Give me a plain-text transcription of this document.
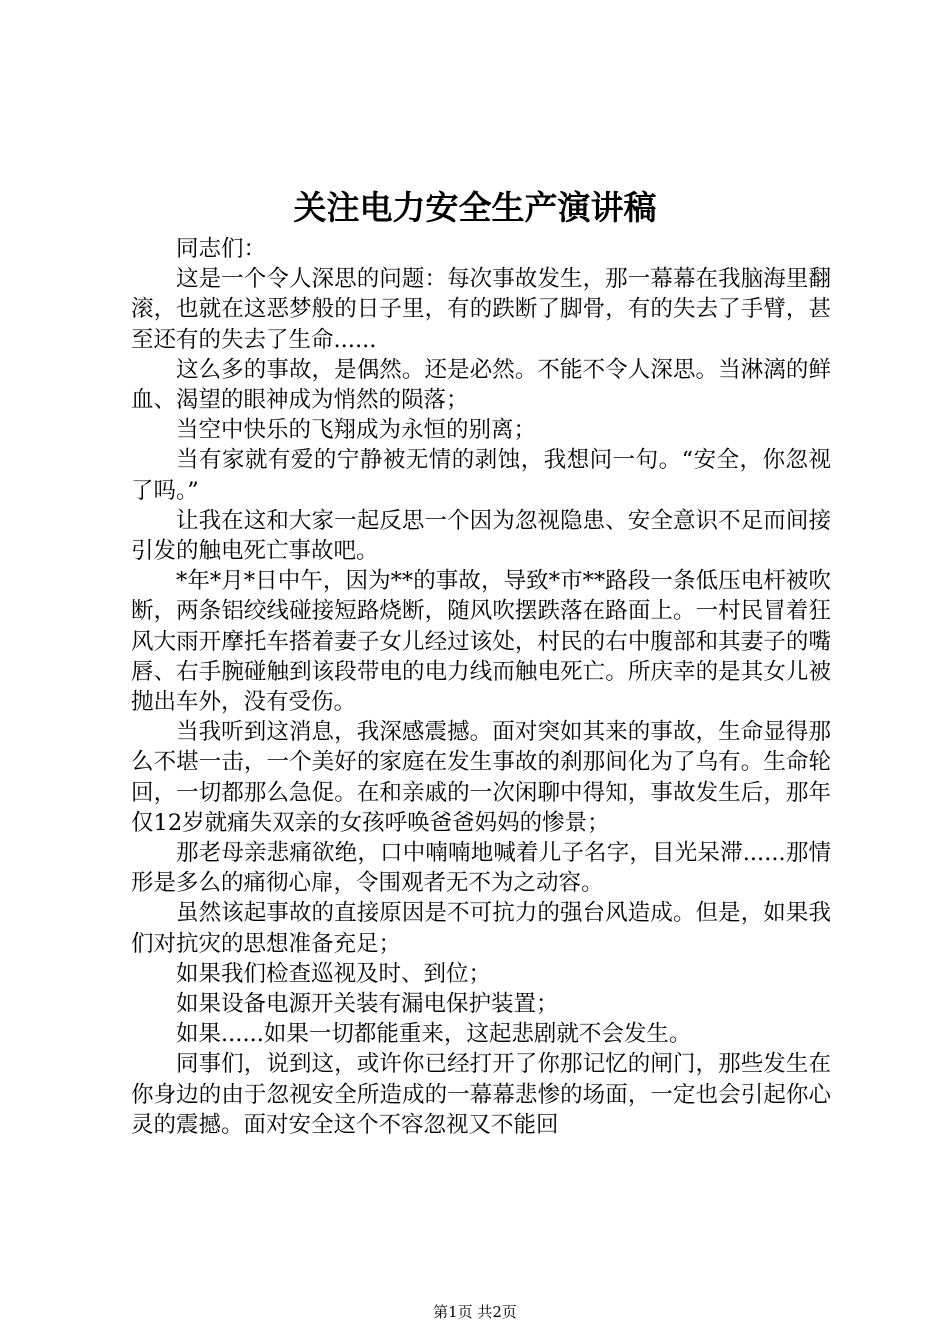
关注电力安全生产演讲稿

同志们：

这是一个令人深思的问题：每次事故发生，那一幕幕在我脑海里翻滚，也就在这恶梦般的日子里，有的跌断了脚骨，有的失去了手臂，甚至还有的失去了生命......

这么多的事故，是偶然。还是必然。不能不令人深思。当淋漓的鲜血、渴望的眼神成为悄然的陨落；

当空中快乐的飞翔成为永恒的别离；

当有家就有爱的宁静被无情的剥蚀，我想问一句。“安全，你忽视了吗。”

让我在这和大家一起反思一个因为忽视隐患、安全意识不足而间接引发的触电死亡事故吧。

*年*月*日中午，因为**的事故，导致*市**路段一条低压电杆被吹断，两条铝绞线碰接短路烧断，随风吹摆跌落在路面上。一村民冒着狂风大雨开摩托车搭着妻子女儿经过该处，村民的右中腹部和其妻子的嘴唇、右手腕碰触到该段带电的电力线而触电死亡。所庆幸的是其女儿被抛出车外，没有受伤。

当我听到这消息，我深感震撼。面对突如其来的事故，生命显得那么不堪一击，一个美好的家庭在发生事故的刹那间化为了乌有。生命轮回，一切都那么急促。在和亲戚的一次闲聊中得知，事故发生后，那年仅12岁就痛失双亲的女孩呼唤爸爸妈妈的惨景；

那老母亲悲痛欲绝，口中喃喃地喊着儿子名字，目光呆滞......那情形是多么的痛彻心扉，令围观者无不为之动容。

虽然该起事故的直接原因是不可抗力的强台风造成。但是，如果我们对抗灾的思想准备充足；

如果我们检查巡视及时、到位；

如果设备电源开关装有漏电保护装置；

如果......如果一切都能重来，这起悲剧就不会发生。

同事们，说到这，或许你已经打开了你那记忆的闸门，那些发生在你身边的由于忽视安全所造成的一幕幕悲惨的场面，一定也会引起你心灵的震撼。面对安全这个不容忽视又不能回

第1页 共2页
